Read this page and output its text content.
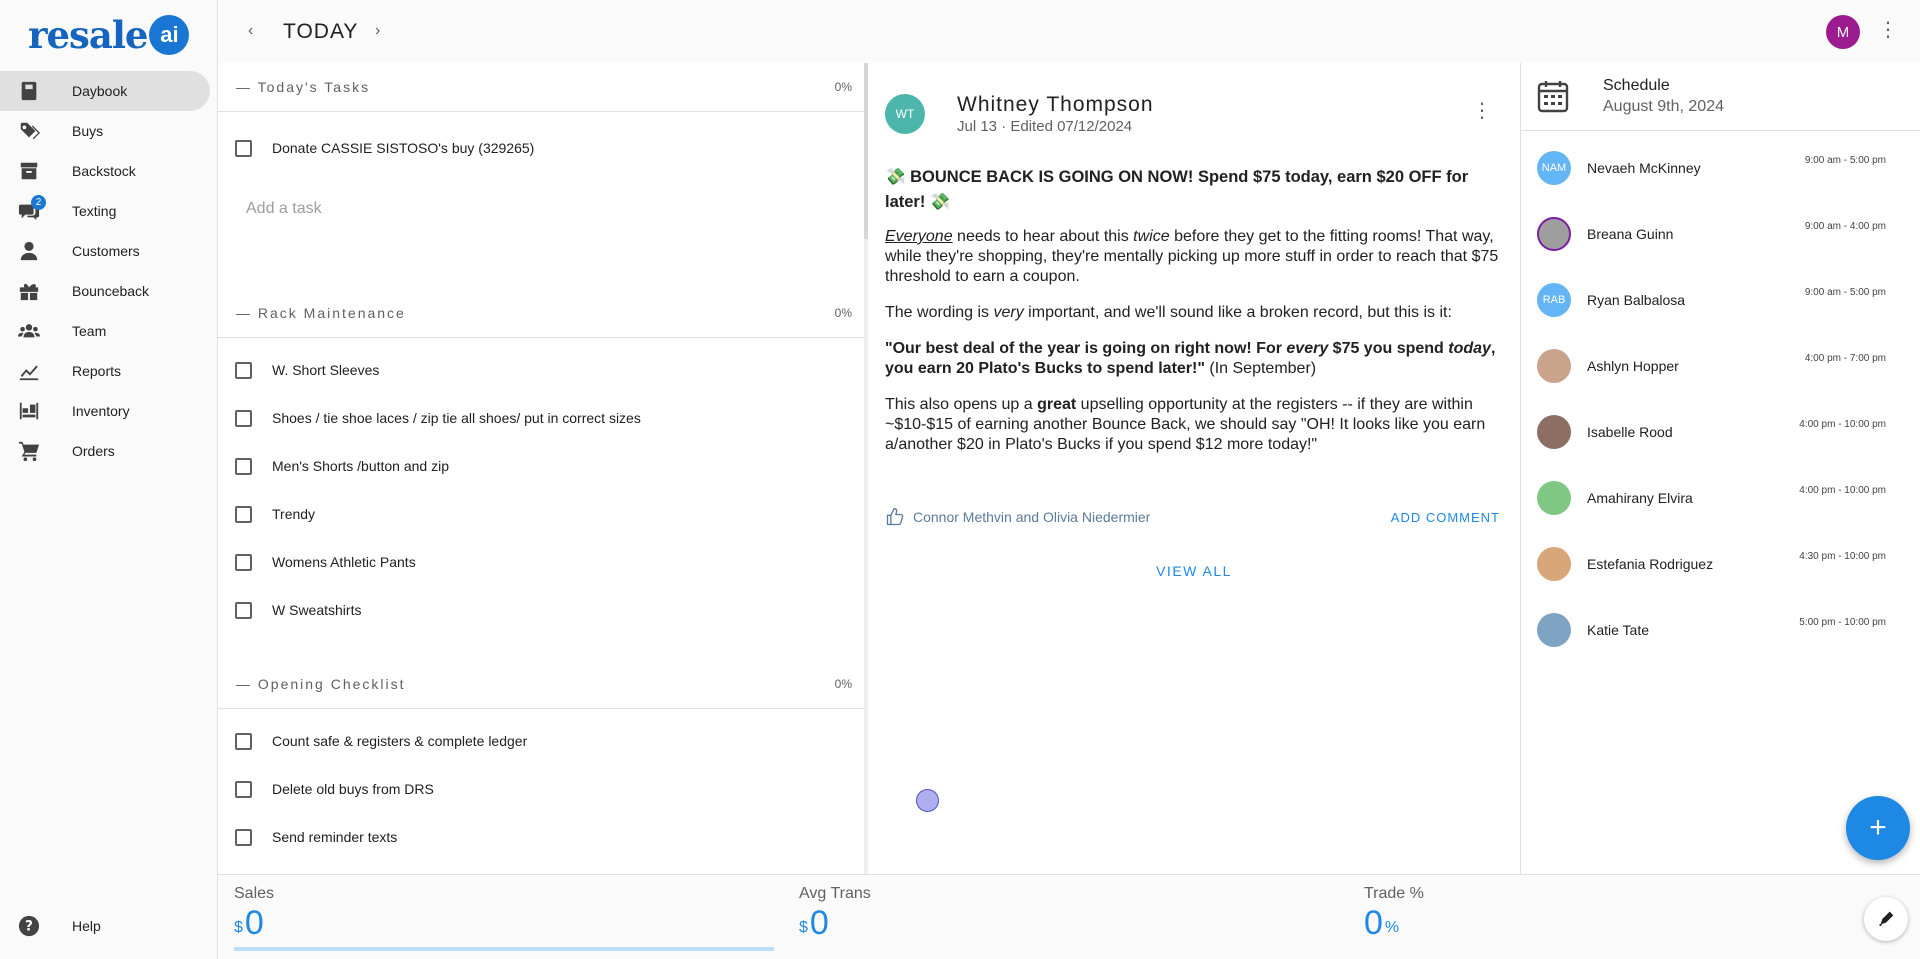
resale ai
Daybook
Buys
Backstock
2
Texting
Customers
Bounceback
Team
Reports
Inventory
Orders
?	Help
‹ TODAY ›	M	⋮
— Today's Tasks	0%
Donate CASSIE SISTOSO's buy (329265)
Add a task
— Rack Maintenance	0%
W. Short Sleeves
Shoes / tie shoe laces / zip tie all shoes/ put in correct sizes
Men's Shorts /button and zip
Trendy
Womens Athletic Pants
W Sweatshirts
— Opening Checklist	0%
Count safe & registers & complete ledger
Delete old buys from DRS
Send reminder texts
WT	Whitney Thompson
Jul 13 · Edited 07/12/2024
⋮

💸 BOUNCE BACK IS GOING ON NOW! Spend $75 today, earn $20 OFF for later! 💸

Everyone needs to hear about this twice before they get to the fitting rooms! That way, while they're shopping, they're mentally picking up more stuff in order to reach that $75 threshold to earn a coupon.

The wording is very important, and we'll sound like a broken record, but this is it:

"Our best deal of the year is going on right now! For every $75 you spend today, you earn 20 Plato's Bucks to spend later!" (In September)

This also opens up a great upselling opportunity at the registers -- if they are within ~$10-$15 of earning another Bounce Back, we should say "OH! It looks like you earn a/another $20 in Plato's Bucks if you spend $12 more today!"

Connor Methvin and Olivia Niedermier	ADD COMMENT
VIEW ALL
Schedule
August 9th, 2024
NAM	Nevaeh McKinney	9:00 am - 5:00 pm
Breana Guinn	9:00 am - 4:00 pm
RAB	Ryan Balbalosa	9:00 am - 5:00 pm
Ashlyn Hopper	4:00 pm - 7:00 pm
Isabelle Rood	4:00 pm - 10:00 pm
Amahirany Elvira	4:00 pm - 10:00 pm
Estefania Rodriguez	4:30 pm - 10:00 pm
Katie Tate	5:00 pm - 10:00 pm
+
Sales
$ 0
Avg Trans
$ 0
Trade %
0 %
